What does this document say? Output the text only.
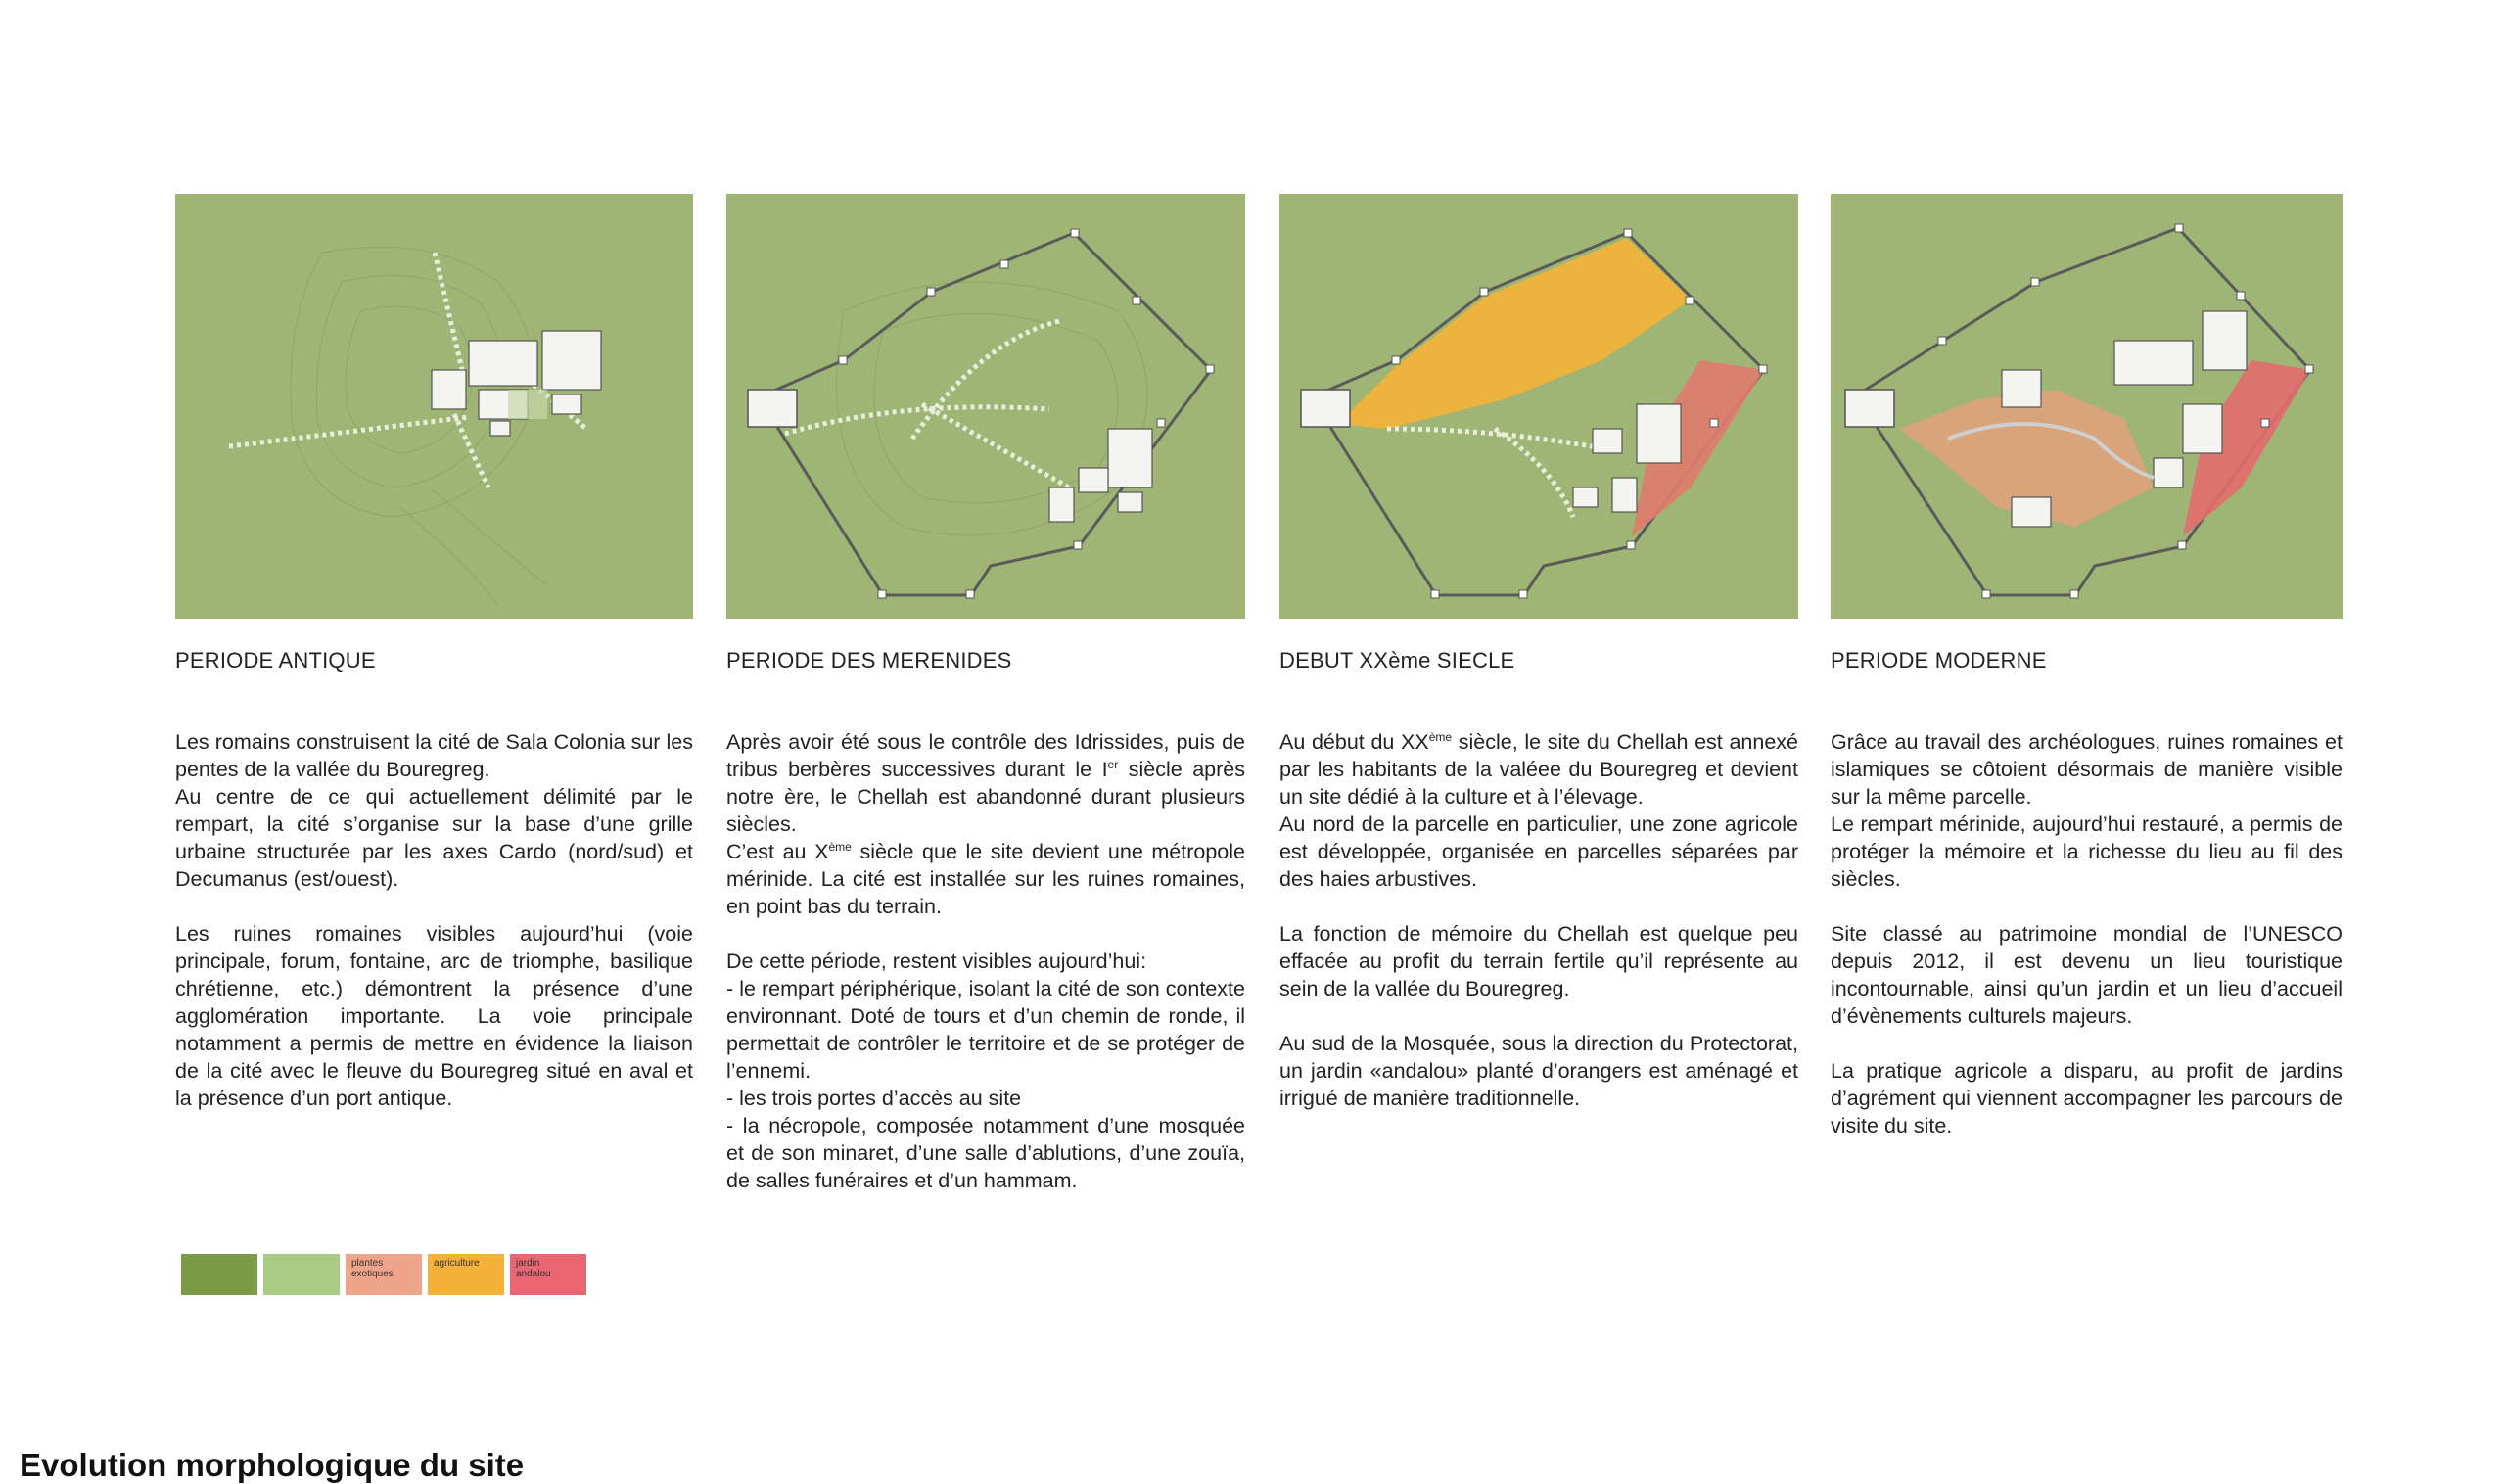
PERIODE ANTIQUE

Les romains construisent la cité de Sala Colonia sur les pentes de la vallée du Bouregreg.

Au centre de ce qui actuellement délimité par le rempart, la cité s’organise sur la base d’une grille urbaine structurée par les axes Cardo (nord/sud) et Decumanus (est/ouest).

Les ruines romaines visibles aujourd’hui (voie principale, forum, fontaine, arc de triomphe, basilique chrétienne, etc.) démontrent la présence d’une agglomération importante. La voie principale notamment a permis de mettre en évidence la liaison de la cité avec le fleuve du Bouregreg situé en aval et la présence d’un port antique.

PERIODE DES MERENIDES

Après avoir été sous le contrôle des Idrissides, puis de tribus berbères successives durant le Ier siècle après notre ère, le Chellah est abandonné durant plusieurs siècles.

C’est au Xème siècle que le site devient une métropole mérinide. La cité est installée sur les ruines romaines, en point bas du terrain.

De cette période, restent visibles aujourd’hui:

- le rempart périphérique, isolant la cité de son contexte environnant. Doté de tours et d’un chemin de ronde, il permettait de contrôler le territoire et de se protéger de l’ennemi.

- les trois portes d’accès au site

- la nécropole, composée notamment d’une mosquée et de son minaret, d’une salle d’ablutions, d’une zouïa, de salles funéraires et d’un hammam.

DEBUT XXème SIECLE

Au début du XXème siècle, le site du Chellah est annexé par les habitants de la valéee du Bouregreg et devient un site dédié à la culture et à l’élevage.

Au nord de la parcelle en particulier, une zone agricole est développée, organisée en parcelles séparées par des haies arbustives.

La fonction de mémoire du Chellah est quelque peu effacée au profit du terrain fertile qu’il représente au sein de la vallée du Bouregreg.

Au sud de la Mosquée, sous la direction du Protectorat, un jardin «andalou» planté d’orangers est aménagé et irrigué de manière traditionnelle.

PERIODE MODERNE

Grâce au travail des archéologues, ruines romaines et islamiques se côtoient désormais de manière visible sur la même parcelle.

Le rempart mérinide, aujourd’hui restauré, a permis de protéger la mémoire et la richesse du lieu au fil des siècles.

Site classé au patrimoine mondial de l’UNESCO depuis 2012, il est devenu un lieu touristique incontournable, ainsi qu’un jardin et un lieu d’accueil d’évènements culturels majeurs.

La pratique agricole a disparu, au profit de jardins d’agrément qui viennent accompagner les parcours de visite du site.

plantes exotiques
agriculture	jardin andalou
Evolution morphologique du site
